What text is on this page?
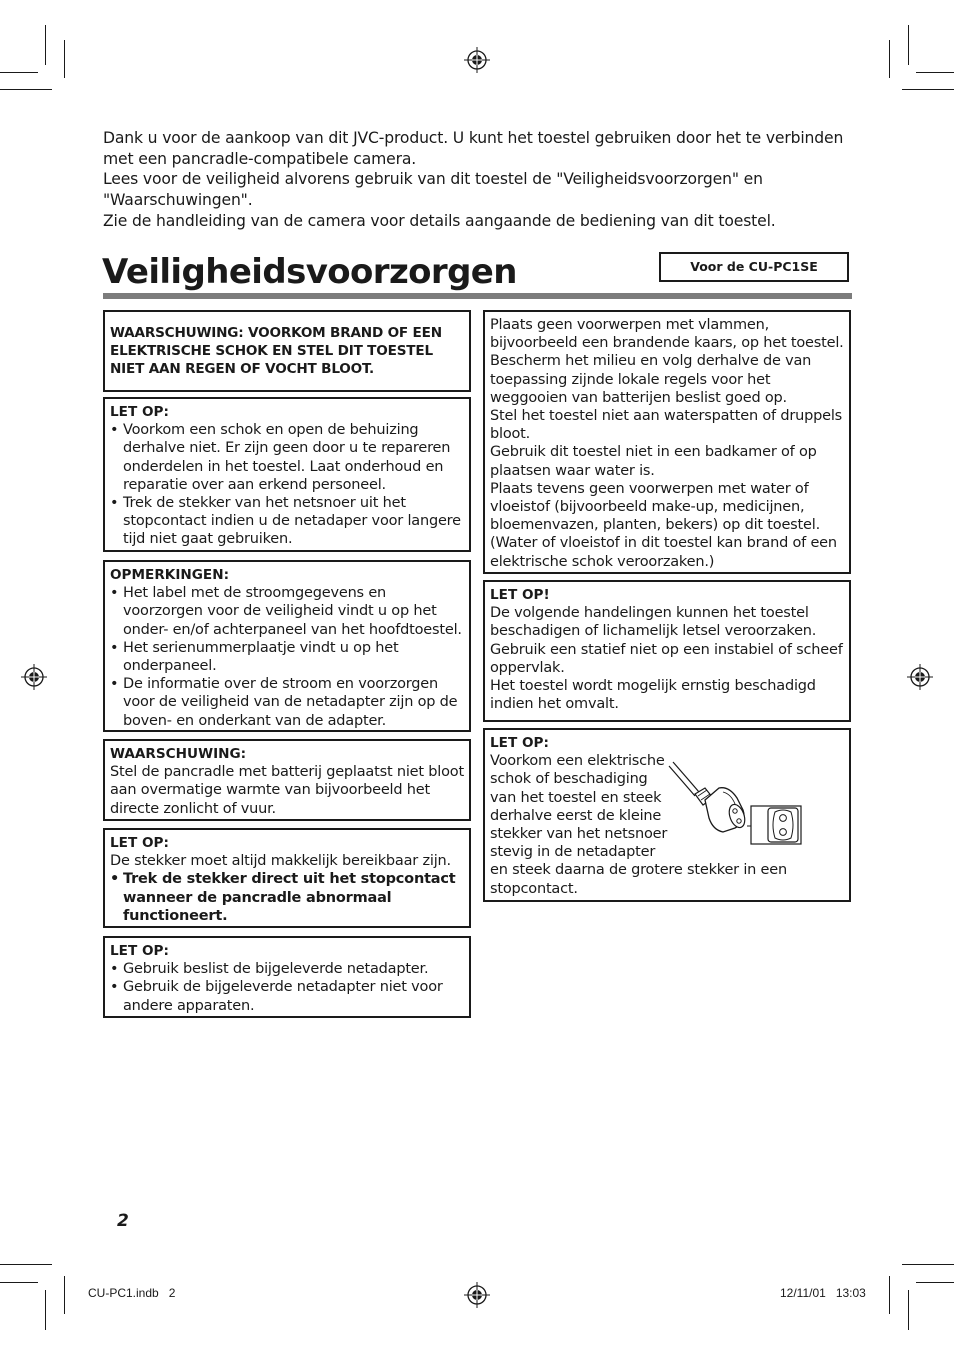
Dank u voor de aankoop van dit JVC-product. U kunt het toestel gebruiken door het te verbinden met een pancradle-compatibele camera.

Lees voor de veiligheid alvorens gebruik van dit toestel de "Veiligheidsvoorzorgen" en "Waarschuwingen".

Zie de handleiding van de camera voor details aangaande de bediening van dit toestel.

Veiligheidsvoorzorgen	Voor de CU-PC1SE
WAARSCHUWING: VOORKOM BRAND OF EEN ELEKTRISCHE SCHOK EN STEL DIT TOESTEL NIET AAN REGEN OF VOCHT BLOOT.
LET OP:
• Voorkom een schok en open de behuizing derhalve niet. Er zijn geen door u te repareren onderdelen in het toestel. Laat onderhoud en reparatie over aan erkend personeel.
• Trek de stekker van het netsnoer uit het stopcontact indien u de netadaper voor langere tijd niet gaat gebruiken.
OPMERKINGEN:
• Het label met de stroomgegevens en voorzorgen voor de veiligheid vindt u op het onder- en/of achterpaneel van het hoofdtoestel.
• Het serienummerplaatje vindt u op het onderpaneel.
• De informatie over de stroom en voorzorgen voor de veiligheid van de netadapter zijn op de boven- en onderkant van de adapter.
WAARSCHUWING:

Stel de pancradle met batterij geplaatst niet bloot aan overmatige warmte van bijvoorbeeld het directe zonlicht of vuur.

LET OP:

De stekker moet altijd makkelijk bereikbaar zijn.

• Trek de stekker direct uit het stopcontact wanneer de pancradle abnormaal functioneert.
LET OP:
• Gebruik beslist de bijgeleverde netadapter.
• Gebruik de bijgeleverde netadapter niet voor andere apparaten.

Plaats geen voorwerpen met vlammen, bijvoorbeeld een brandende kaars, op het toestel.

Bescherm het milieu en volg derhalve de van toepassing zijnde lokale regels voor het weggooien van batterijen beslist goed op.

Stel het toestel niet aan waterspatten of druppels bloot.

Gebruik dit toestel niet in een badkamer of op plaatsen waar water is.

Plaats tevens geen voorwerpen met water of vloeistof (bijvoorbeeld make-up, medicijnen, bloemenvazen, planten, bekers) op dit toestel. (Water of vloeistof in dit toestel kan brand of een elektrische schok veroorzaken.)

LET OP!

De volgende handelingen kunnen het toestel beschadigen of lichamelijk letsel veroorzaken.

Gebruik een statief niet op een instabiel of scheef oppervlak.

Het toestel wordt mogelijk ernstig beschadigd indien het omvalt.

LET OP:
Voorkom een elektrische
schok of beschadiging
van het toestel en steek
derhalve eerst de kleine
stekker van het netsnoer
stevig in de netadapter
en steek daarna de grotere stekker in een
stopcontact.
2
CU-PC1.indb   2	12/11/01   13:03
